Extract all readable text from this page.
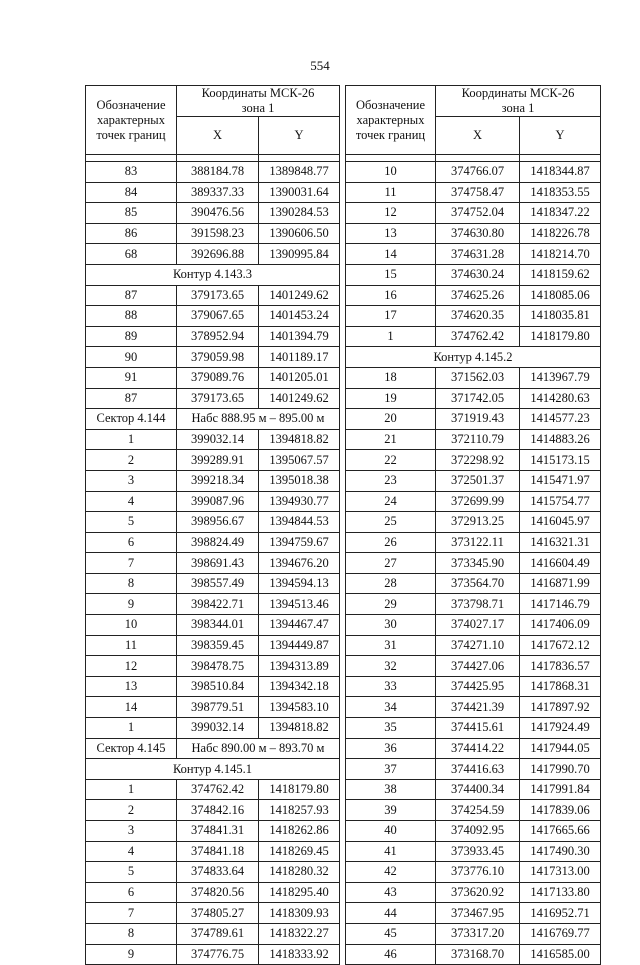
554
Обозначение
характерных
точек границ	Координаты МСК-26
зона 1	
	X	Y

83	388184.78	1389848.77
84	389337.33	1390031.64
85	390476.56	1390284.53
86	391598.23	1390606.50
68	392696.88	1390995.84
Контур 4.143.3		
87	379173.65	1401249.62
88	379067.65	1401453.24
89	378952.94	1401394.79
90	379059.98	1401189.17
91	379089.76	1401205.01
87	379173.65	1401249.62
Сектор 4.144	Набс 888.95 м – 895.00 м	
1	399032.14	1394818.82
2	399289.91	1395067.57
3	399218.34	1395018.38
4	399087.96	1394930.77
5	398956.67	1394844.53
6	398824.49	1394759.67
7	398691.43	1394676.20
8	398557.49	1394594.13
9	398422.71	1394513.46
10	398344.01	1394467.47
11	398359.45	1394449.87
12	398478.75	1394313.89
13	398510.84	1394342.18
14	398779.51	1394583.10
1	399032.14	1394818.82
Сектор 4.145	Набс 890.00 м – 893.70 м	
Контур 4.145.1		
1	374762.42	1418179.80
2	374842.16	1418257.93
3	374841.31	1418262.86
4	374841.18	1418269.45
5	374833.64	1418280.32
6	374820.56	1418295.40
7	374805.27	1418309.93
8	374789.61	1418322.27
9	374776.75	1418333.92
Обозначение
характерных
точек границ	Координаты МСК-26
зона 1	
	X	Y

10	374766.07	1418344.87
11	374758.47	1418353.55
12	374752.04	1418347.22
13	374630.80	1418226.78
14	374631.28	1418214.70
15	374630.24	1418159.62
16	374625.26	1418085.06
17	374620.35	1418035.81
1	374762.42	1418179.80
Контур 4.145.2		
18	371562.03	1413967.79
19	371742.05	1414280.63
20	371919.43	1414577.23
21	372110.79	1414883.26
22	372298.92	1415173.15
23	372501.37	1415471.97
24	372699.99	1415754.77
25	372913.25	1416045.97
26	373122.11	1416321.31
27	373345.90	1416604.49
28	373564.70	1416871.99
29	373798.71	1417146.79
30	374027.17	1417406.09
31	374271.10	1417672.12
32	374427.06	1417836.57
33	374425.95	1417868.31
34	374421.39	1417897.92
35	374415.61	1417924.49
36	374414.22	1417944.05
37	374416.63	1417990.70
38	374400.34	1417991.84
39	374254.59	1417839.06
40	374092.95	1417665.66
41	373933.45	1417490.30
42	373776.10	1417313.00
43	373620.92	1417133.80
44	373467.95	1416952.71
45	373317.20	1416769.77
46	373168.70	1416585.00
